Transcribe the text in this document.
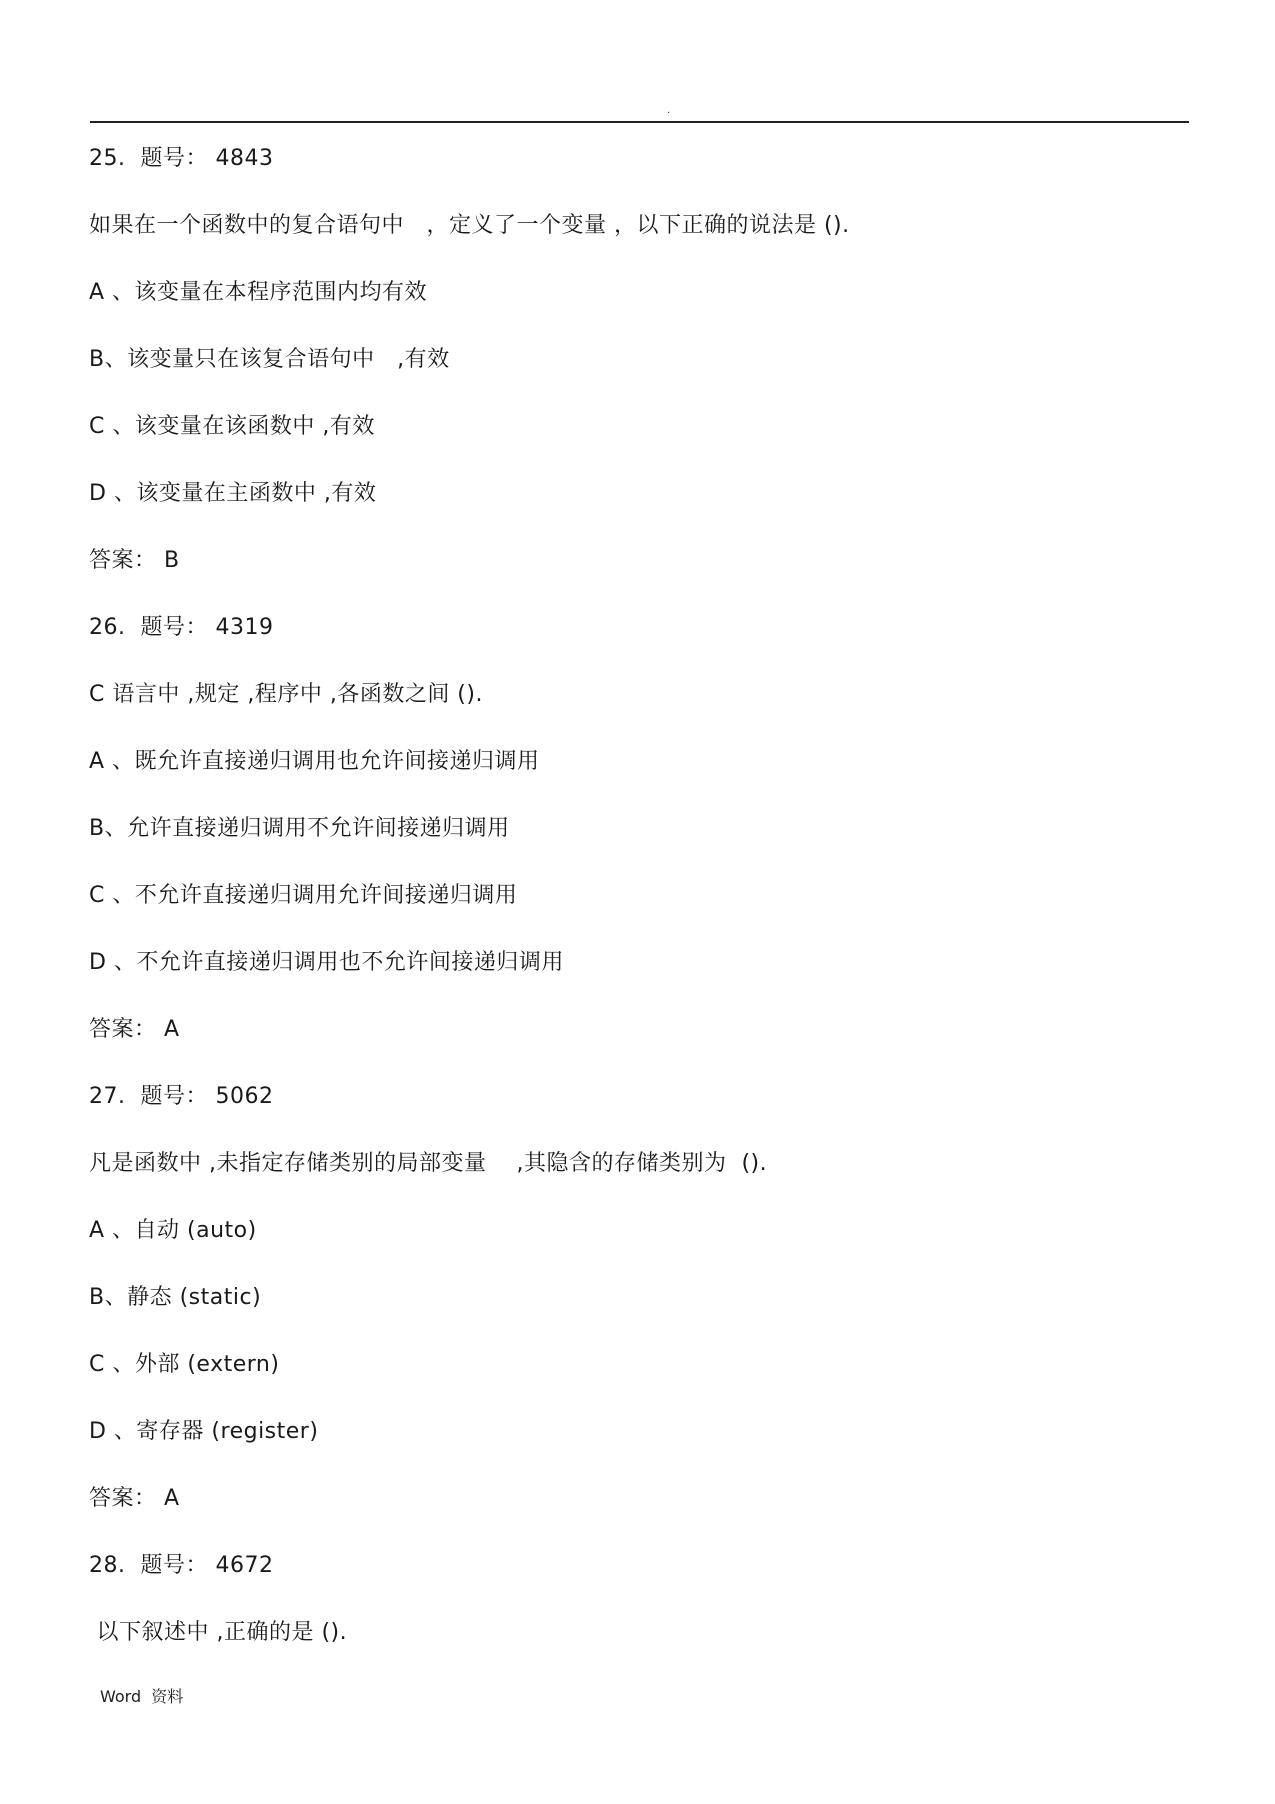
.
25.  题号： 4843
如果在一个函数中的复合语句中   ，定义了一个变量 ，以下正确的说法是 ().
A 、该变量在本程序范围内均有效
B、该变量只在该复合语句中   ,有效
C 、该变量在该函数中 ,有效
D 、该变量在主函数中 ,有效
答案： B
26.  题号： 4319
C 语言中 ,规定 ,程序中 ,各函数之间 ().
A 、既允许直接递归调用也允许间接递归调用
B、允许直接递归调用不允许间接递归调用
C 、不允许直接递归调用允许间接递归调用
D 、不允许直接递归调用也不允许间接递归调用
答案： A
27.  题号： 5062
凡是函数中 ,未指定存储类别的局部变量    ,其隐含的存储类别为  ().
A 、自动 (auto)
B、静态 (static)
C 、外部 (extern)
D 、寄存器 (register)
答案： A
28.  题号： 4672
以下叙述中 ,正确的是 ().
Word  资料
